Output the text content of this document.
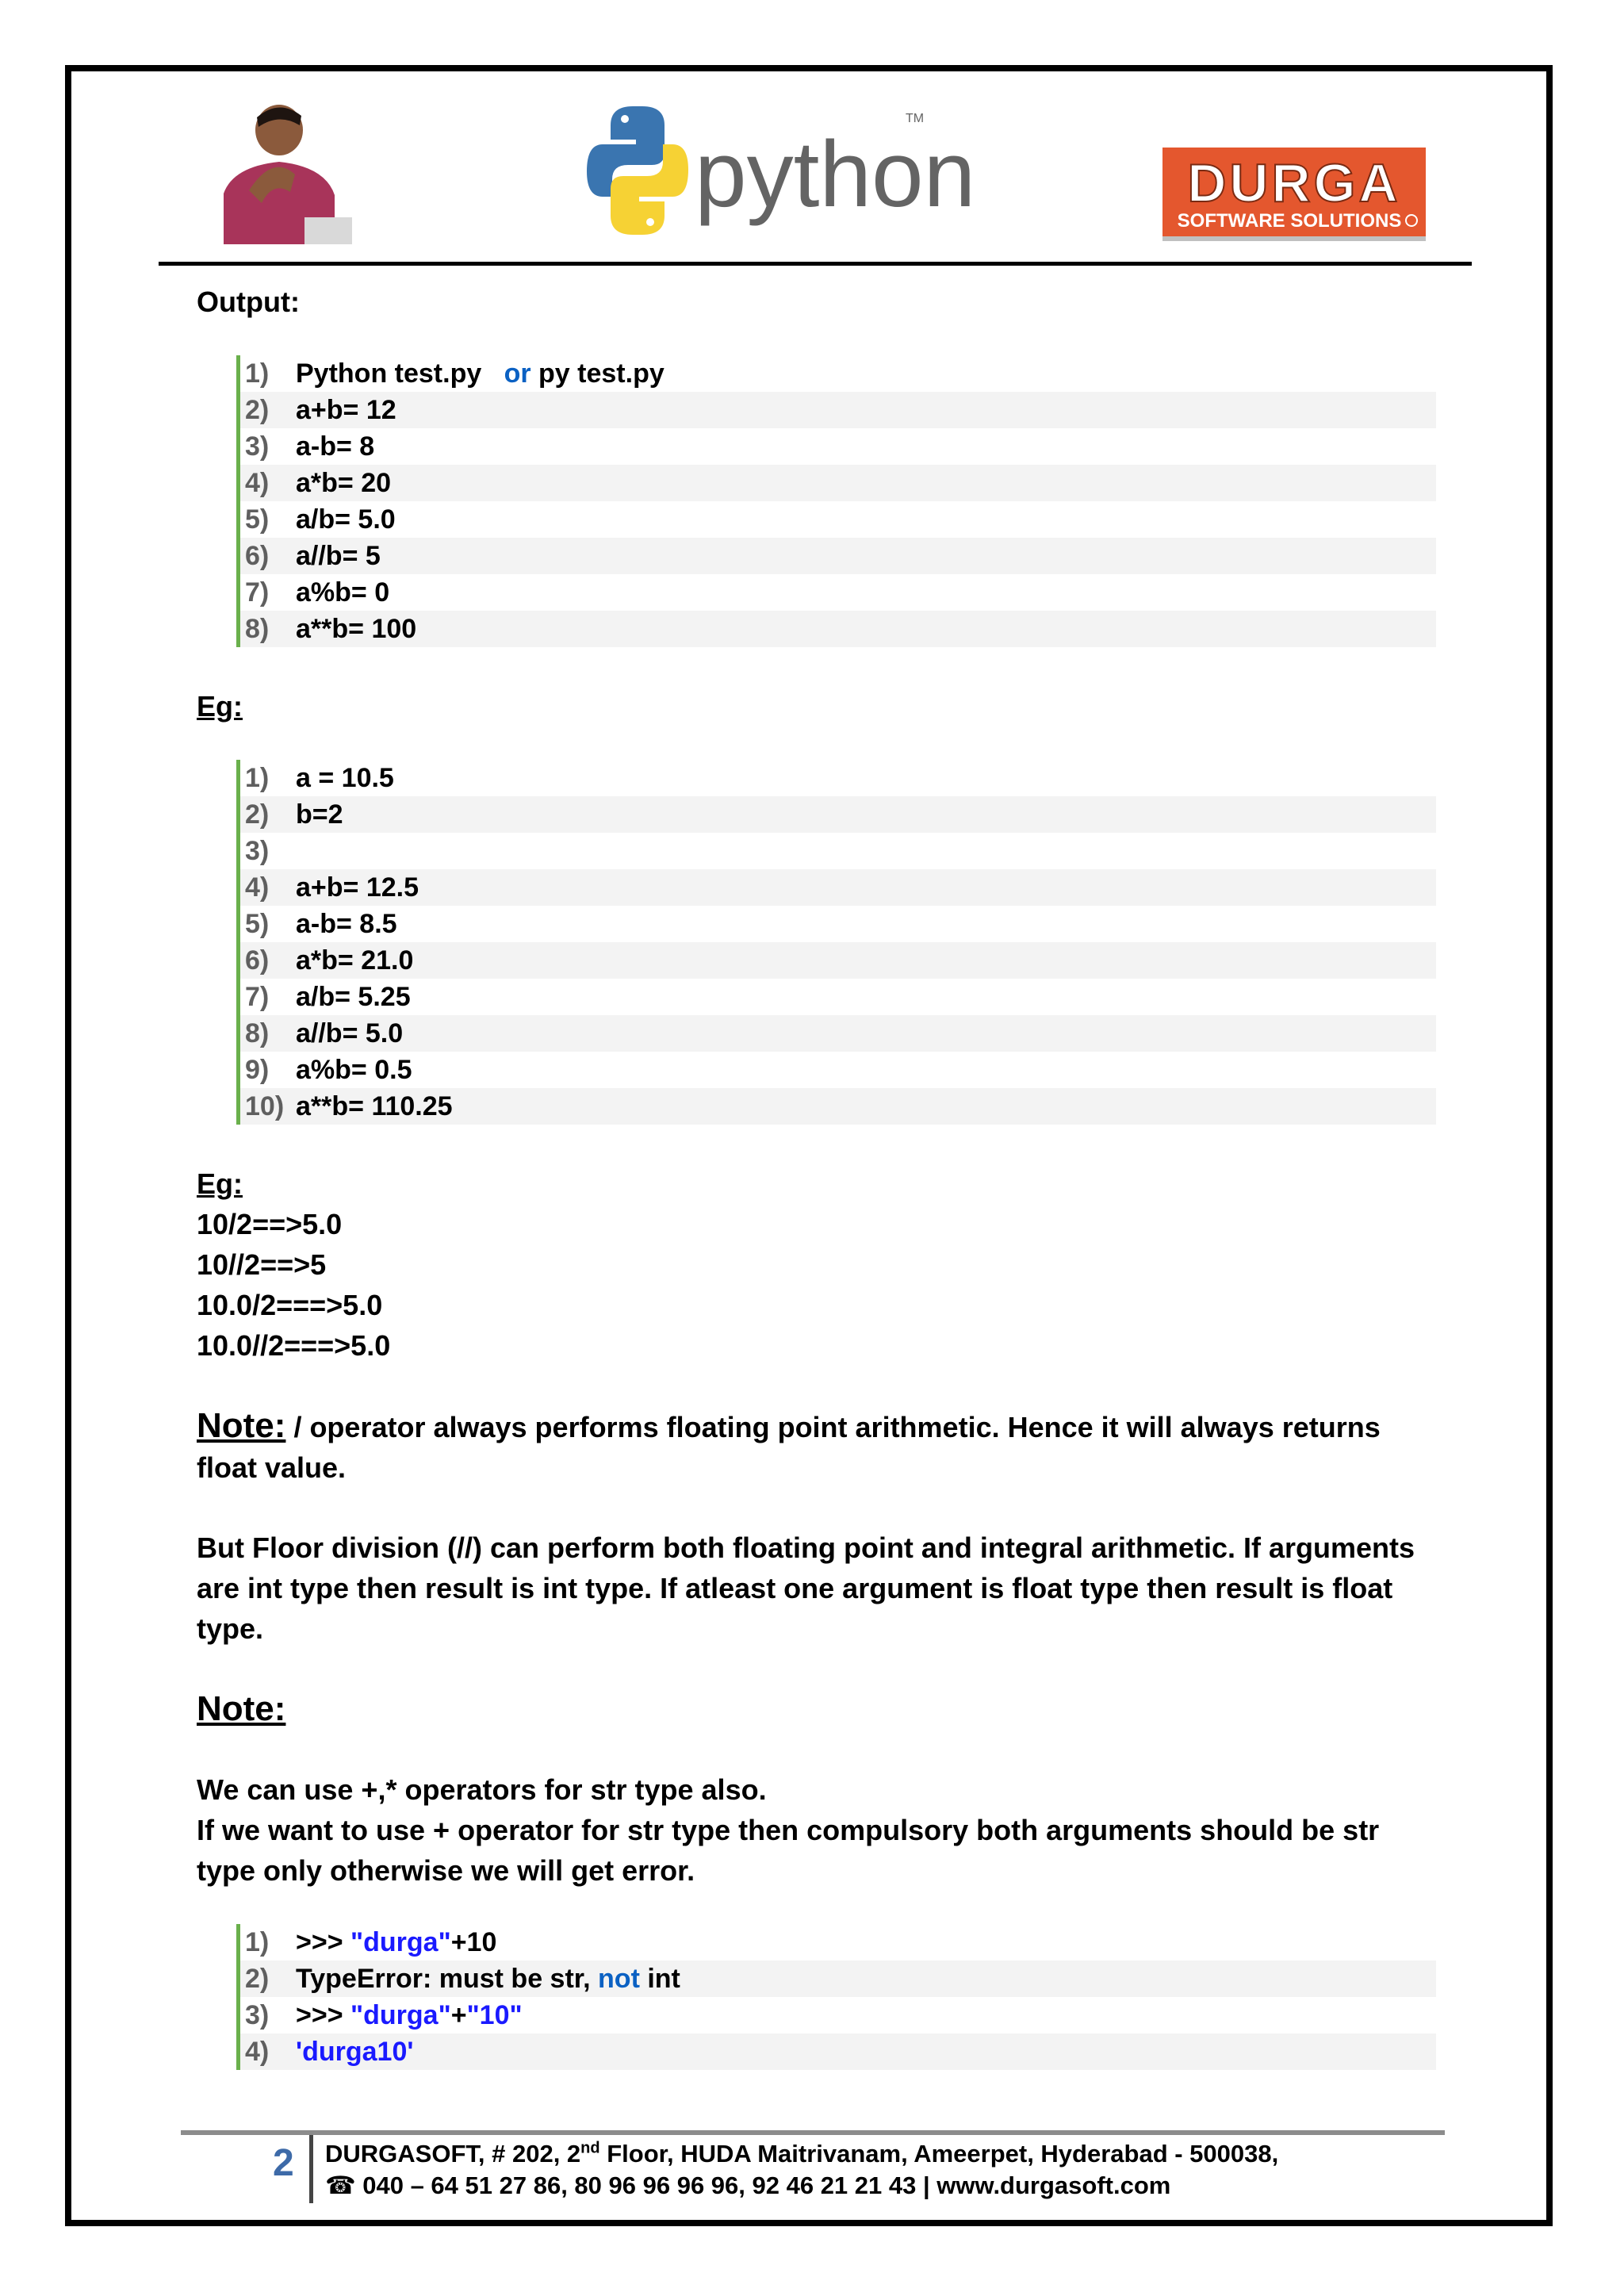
python
TM
DURGA
SOFTWARE SOLUTIONS
Output:
1) Python test.py   or py test.py
2) a+b= 12
3) a-b= 8
4) a*b= 20
5) a/b= 5.0
6) a//b= 5
7) a%b= 0
8) a**b= 100
Eg:
1) a = 10.5
2) b=2
3)
4) a+b= 12.5
5) a-b= 8.5
6) a*b= 21.0
7) a/b= 5.25
8) a//b= 5.0
9) a%b= 0.5
10) a**b= 110.25
Eg:
10/2==>5.0
10//2==>5
10.0/2===>5.0
10.0//2===>5.0

Note: / operator always performs floating point arithmetic. Hence it will always returns float value.

But Floor division (//) can perform both floating point and integral arithmetic. If arguments are int type then result is int type. If atleast one argument is float type then result is float type.

Note:

We can use +,* operators for str type also.

If we want to use + operator for str type then compulsory both arguments should be str type only otherwise we will get error.

1) >>> "durga"+10
2) TypeError: must be str, not int
3) >>> "durga"+"10"
4) 'durga10'
2	DURGASOFT, # 202, 2nd Floor, HUDA Maitrivanam, Ameerpet, Hyderabad - 500038,
☎ 040 – 64 51 27 86, 80 96 96 96 96, 92 46 21 21 43 | www.durgasoft.com
